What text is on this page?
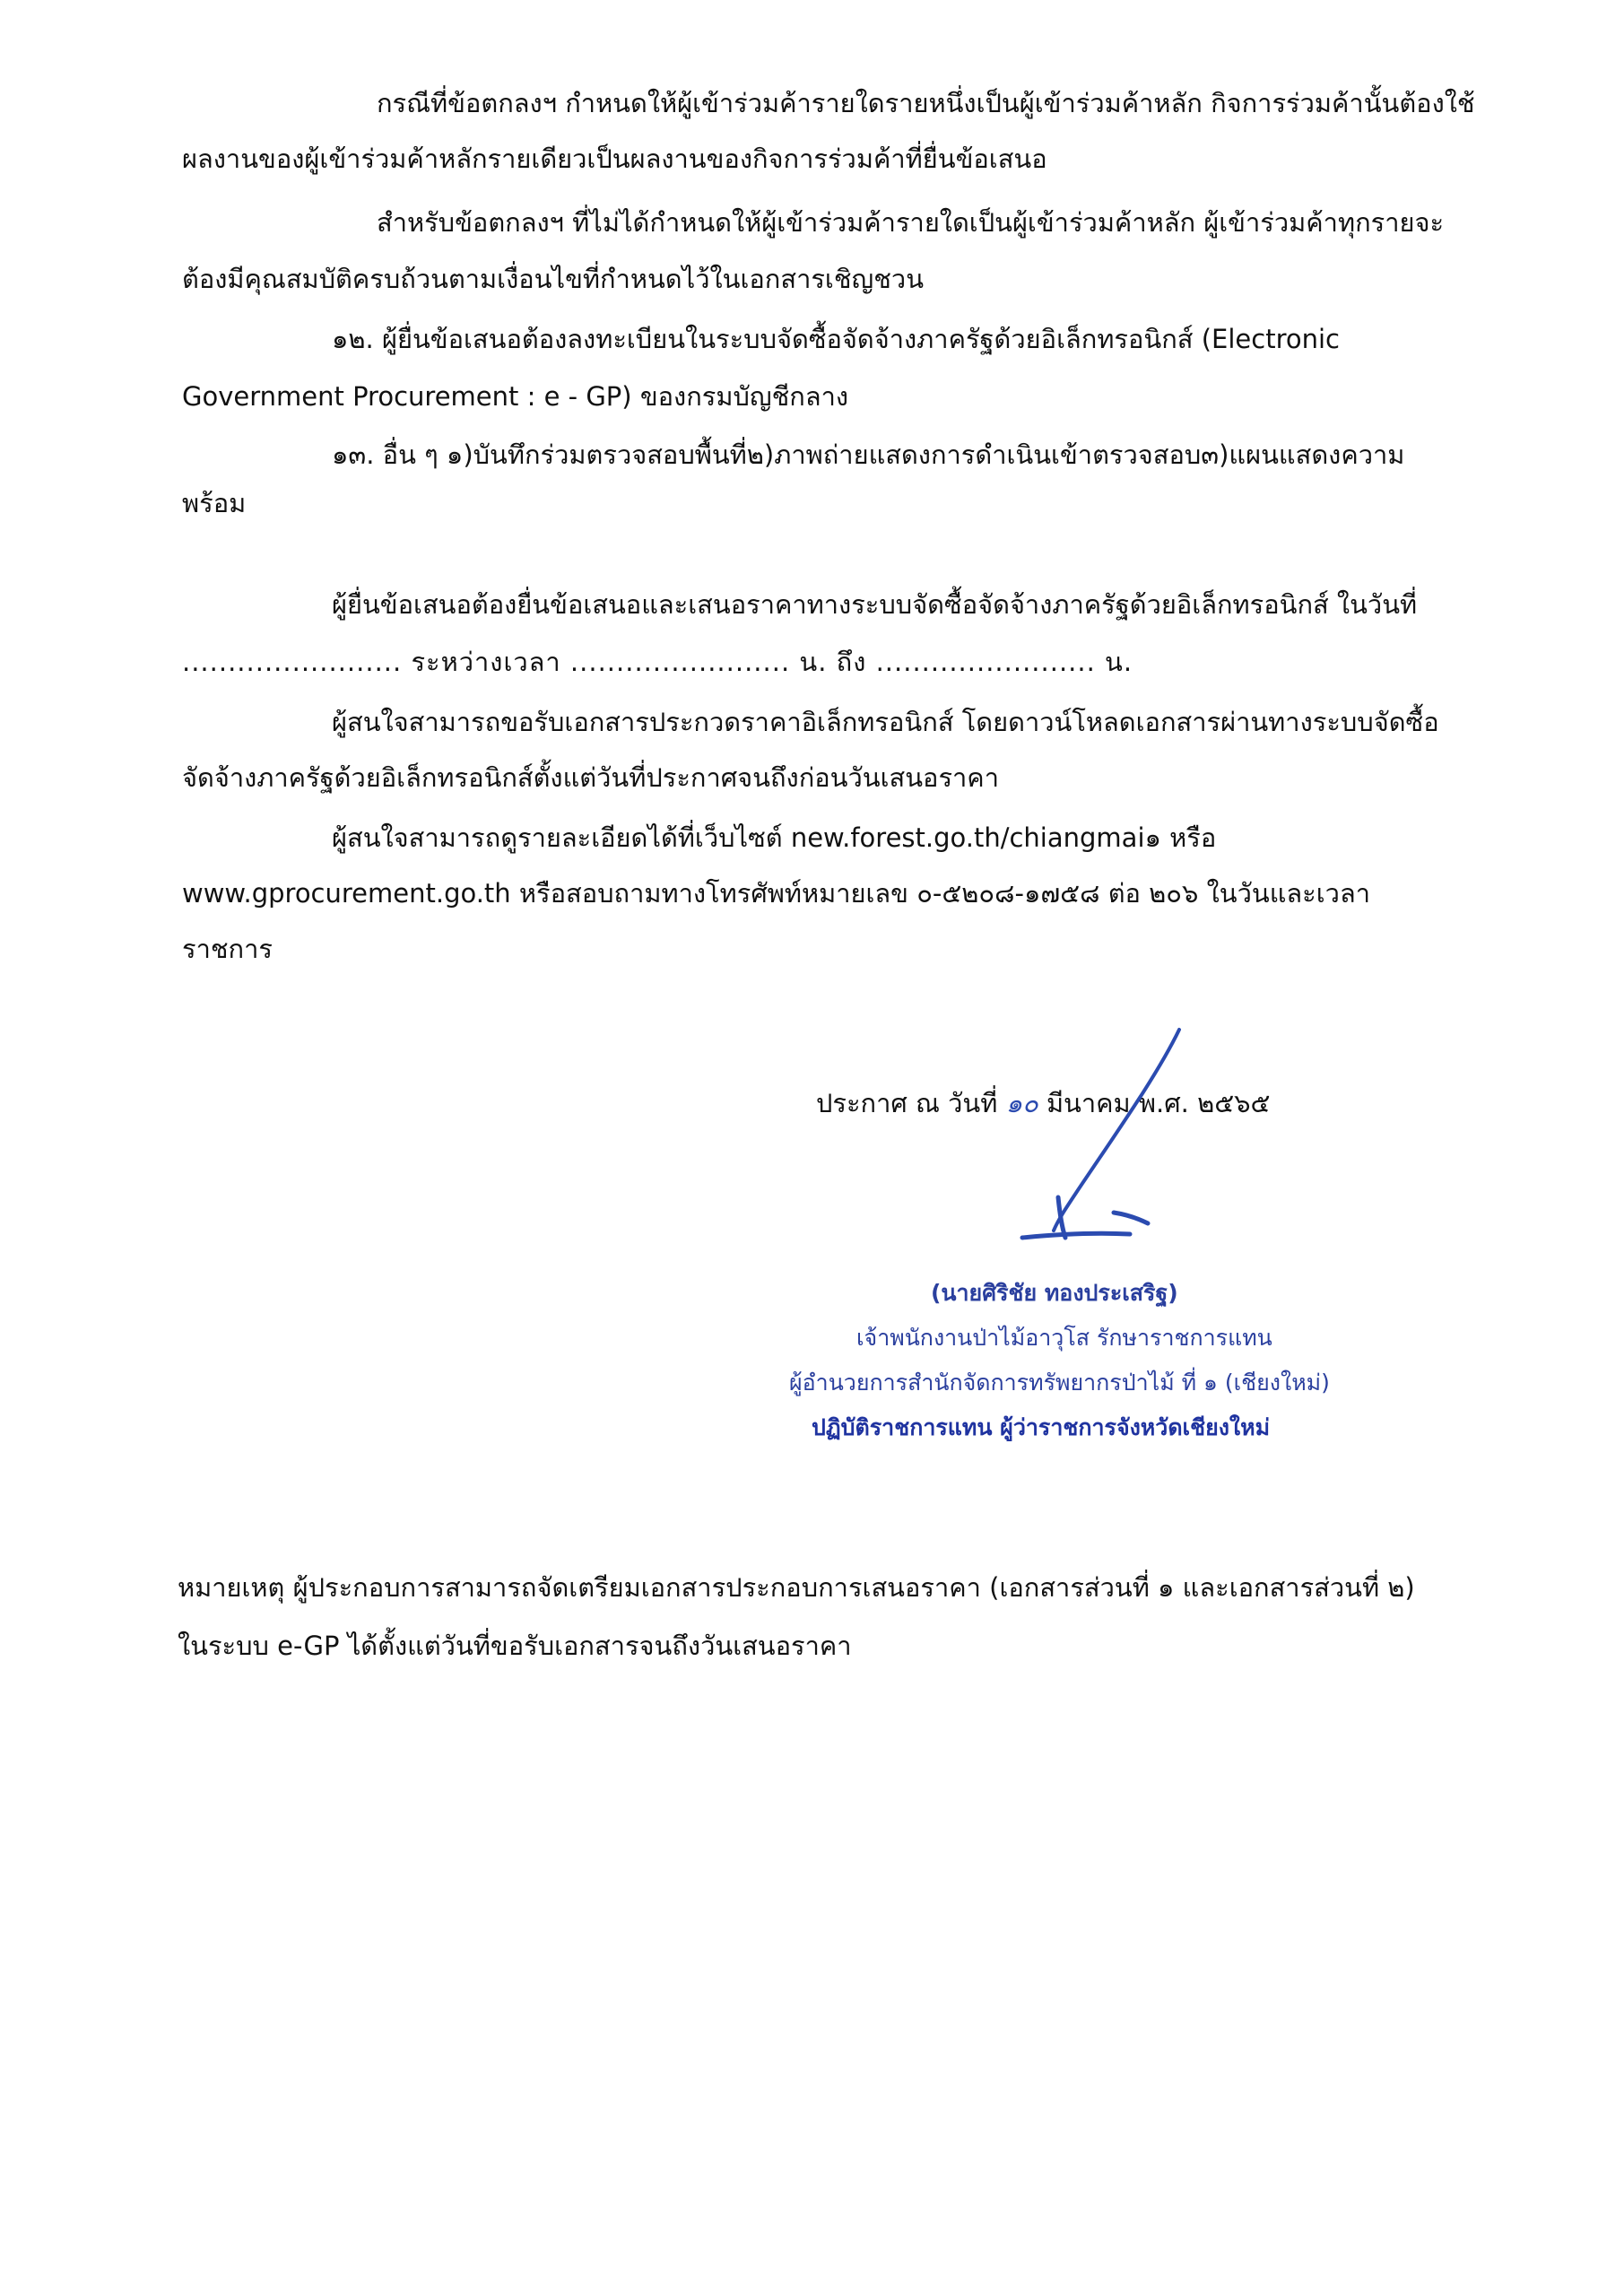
กรณีที่ข้อตกลงฯ กำหนดให้ผู้เข้าร่วมค้ารายใดรายหนึ่งเป็นผู้เข้าร่วมค้าหลัก กิจการร่วมค้านั้นต้องใช้
ผลงานของผู้เข้าร่วมค้าหลักรายเดียวเป็นผลงานของกิจการร่วมค้าที่ยื่นข้อเสนอ
สำหรับข้อตกลงฯ ที่ไม่ได้กำหนดให้ผู้เข้าร่วมค้ารายใดเป็นผู้เข้าร่วมค้าหลัก ผู้เข้าร่วมค้าทุกรายจะ
ต้องมีคุณสมบัติครบถ้วนตามเงื่อนไขที่กำหนดไว้ในเอกสารเชิญชวน
๑๒. ผู้ยื่นข้อเสนอต้องลงทะเบียนในระบบจัดซื้อจัดจ้างภาครัฐด้วยอิเล็กทรอนิกส์ (Electronic
Government Procurement : e - GP) ของกรมบัญชีกลาง
๑๓. อื่น ๆ ๑)บันทึกร่วมตรวจสอบพื้นที่๒)ภาพถ่ายแสดงการดำเนินเข้าตรวจสอบ๓)แผนแสดงความ
พร้อม
ผู้ยื่นข้อเสนอต้องยื่นข้อเสนอและเสนอราคาทางระบบจัดซื้อจัดจ้างภาครัฐด้วยอิเล็กทรอนิกส์ ในวันที่
........................ ระหว่างเวลา ........................ น. ถึง ........................ น.
ผู้สนใจสามารถขอรับเอกสารประกวดราคาอิเล็กทรอนิกส์ โดยดาวน์โหลดเอกสารผ่านทางระบบจัดซื้อ
จัดจ้างภาครัฐด้วยอิเล็กทรอนิกส์ตั้งแต่วันที่ประกาศจนถึงก่อนวันเสนอราคา
ผู้สนใจสามารถดูรายละเอียดได้ที่เว็บไซต์ new.forest.go.th/chiangmai๑ หรือ
www.gprocurement.go.th หรือสอบถามทางโทรศัพท์หมายเลข ๐-๕๒๐๘-๑๗๕๘ ต่อ ๒๐๖ ในวันและเวลา
ราชการ
ประกาศ ณ วันที่ ๑๐ มีนาคม พ.ศ. ๒๕๖๕
(นายศิริชัย ทองประเสริฐ)
เจ้าพนักงานป่าไม้อาวุโส รักษาราชการแทน
ผู้อำนวยการสำนักจัดการทรัพยากรป่าไม้ ที่ ๑ (เชียงใหม่)
ปฏิบัติราชการแทน ผู้ว่าราชการจังหวัดเชียงใหม่
หมายเหตุ ผู้ประกอบการสามารถจัดเตรียมเอกสารประกอบการเสนอราคา (เอกสารส่วนที่ ๑ และเอกสารส่วนที่ ๒)
ในระบบ e-GP ได้ตั้งแต่วันที่ขอรับเอกสารจนถึงวันเสนอราคา
